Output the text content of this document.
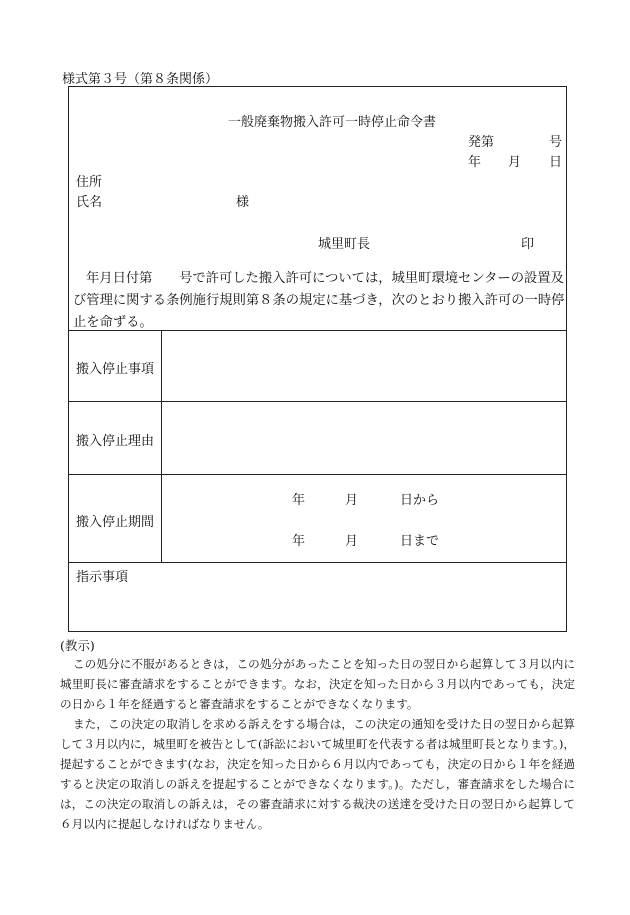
様式第３号（第８条関係）
一般廃棄物搬入許可一時停止命令書
発第	号
年 月 日
住所
氏名	様
城里町長	印
年月日付第　　号で許可した搬入許可については，城里町環境センターの設置及び管理に関する条例施行規則第８条の規定に基づき，次のとおり搬入許可の一時停止を命ずる。
搬入停止事項
搬入停止理由
搬入停止期間
年	月	日から
年	月	日まで
指示事項
(教示)
この処分に不服があるときは，この処分があったことを知った日の翌日から起算して３月以内に城里町長に審査請求をすることができます。なお，決定を知った日から３月以内であっても，決定の日から１年を経過すると審査請求をすることができなくなります。
また，この決定の取消しを求める訴えをする場合は，この決定の通知を受けた日の翌日から起算して３月以内に，城里町を被告として(訴訟において城里町を代表する者は城里町長となります。)，提起することができます(なお，決定を知った日から６月以内であっても，決定の日から１年を経過すると決定の取消しの訴えを提起することができなくなります。)。ただし，審査請求をした場合には，この決定の取消しの訴えは，その審査請求に対する裁決の送達を受けた日の翌日から起算して６月以内に提起しなければなりません。
